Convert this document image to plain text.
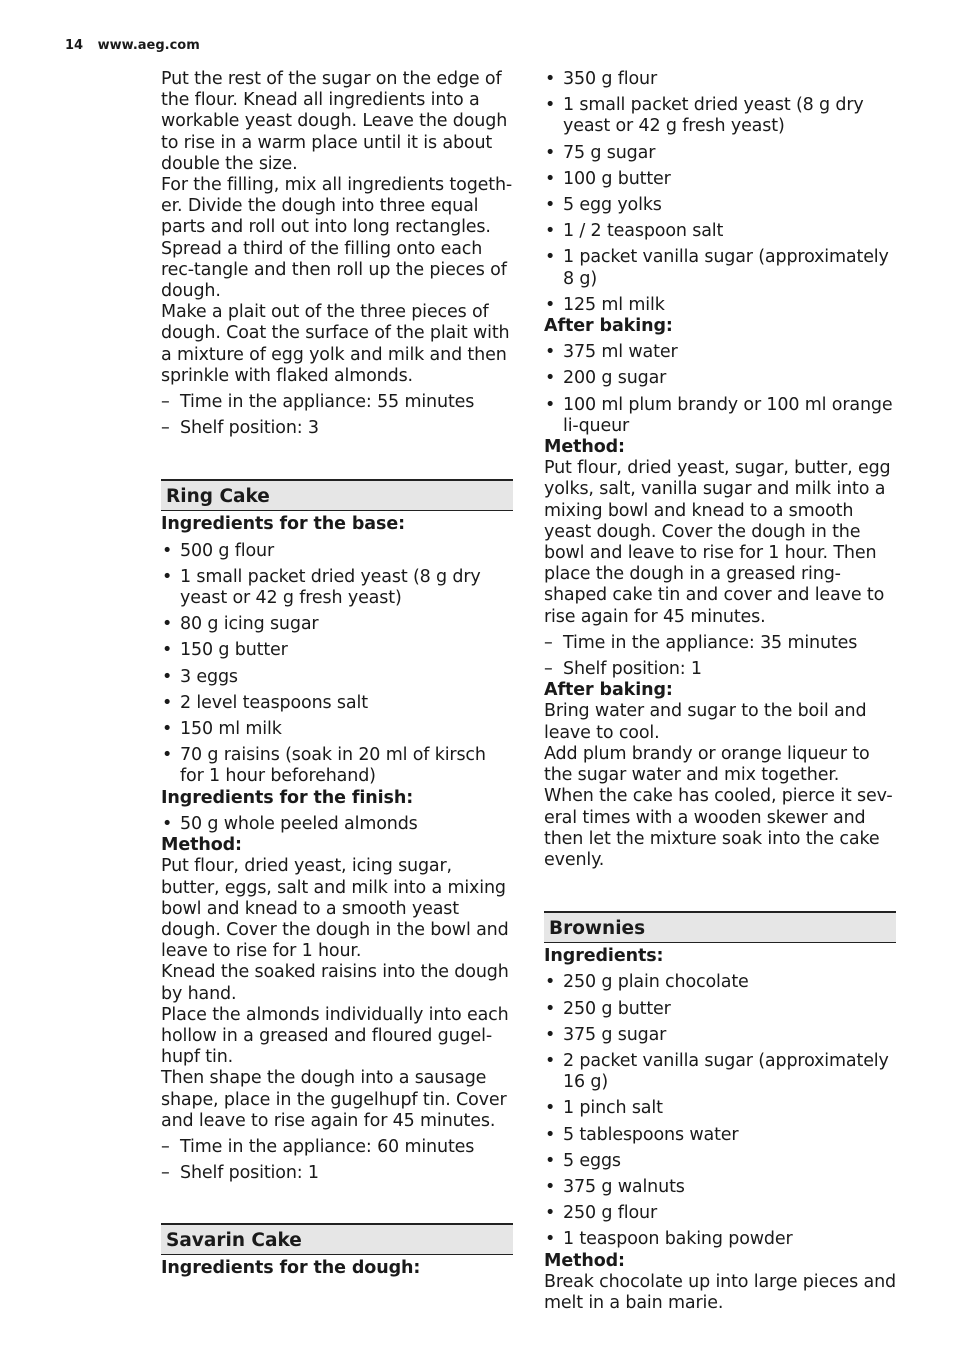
14 www.aeg.com

Put the rest of the sugar on the edge of the flour. Knead all ingredients into a workable yeast dough. Leave the dough to rise in a warm place until it is about double the size.

For the filling, mix all ingredients togeth-er. Divide the dough into three equal parts and roll out into long rectangles. Spread a third of the filling onto each rec-tangle and then roll up the pieces of dough.

Make a plait out of the three pieces of dough. Coat the surface of the plait with a mixture of egg yolk and milk and then sprinkle with flaked almonds.

– Time in the appliance: 55 minutes
– Shelf position: 3
Ring Cake

Ingredients for the base:

• 500 g flour
• 1 small packet dried yeast (8 g dry yeast or 42 g fresh yeast)
• 80 g icing sugar
• 150 g butter
• 3 eggs
• 2 level teaspoons salt
• 150 ml milk
• 70 g raisins (soak in 20 ml of kirsch for 1 hour beforehand)

Ingredients for the finish:

• 50 g whole peeled almonds

Method:

Put flour, dried yeast, icing sugar, butter, eggs, salt and milk into a mixing bowl and knead to a smooth yeast dough. Cover the dough in the bowl and leave to rise for 1 hour.

Knead the soaked raisins into the dough by hand.

Place the almonds individually into each hollow in a greased and floured gugel-hupf tin.

Then shape the dough into a sausage shape, place in the gugelhupf tin. Cover and leave to rise again for 45 minutes.

– Time in the appliance: 60 minutes
– Shelf position: 1
Savarin Cake

Ingredients for the dough:

• 350 g flour
• 1 small packet dried yeast (8 g dry yeast or 42 g fresh yeast)
• 75 g sugar
• 100 g butter
• 5 egg yolks
• 1 / 2 teaspoon salt
• 1 packet vanilla sugar (approximately 8 g)
• 125 ml milk

After baking:

• 375 ml water
• 200 g sugar
• 100 ml plum brandy or 100 ml orange li-queur

Method:

Put flour, dried yeast, sugar, butter, egg yolks, salt, vanilla sugar and milk into a mixing bowl and knead to a smooth yeast dough. Cover the dough in the bowl and leave to rise for 1 hour. Then place the dough in a greased ring-shaped cake tin and cover and leave to rise again for 45 minutes.

– Time in the appliance: 35 minutes
– Shelf position: 1

After baking:

Bring water and sugar to the boil and leave to cool.

Add plum brandy or orange liqueur to the sugar water and mix together.

When the cake has cooled, pierce it sev-eral times with a wooden skewer and then let the mixture soak into the cake evenly.

Brownies

Ingredients:

• 250 g plain chocolate
• 250 g butter
• 375 g sugar
• 2 packet vanilla sugar (approximately 16 g)
• 1 pinch salt
• 5 tablespoons water
• 5 eggs
• 375 g walnuts
• 250 g flour
• 1 teaspoon baking powder

Method:

Break chocolate up into large pieces and melt in a bain marie.
